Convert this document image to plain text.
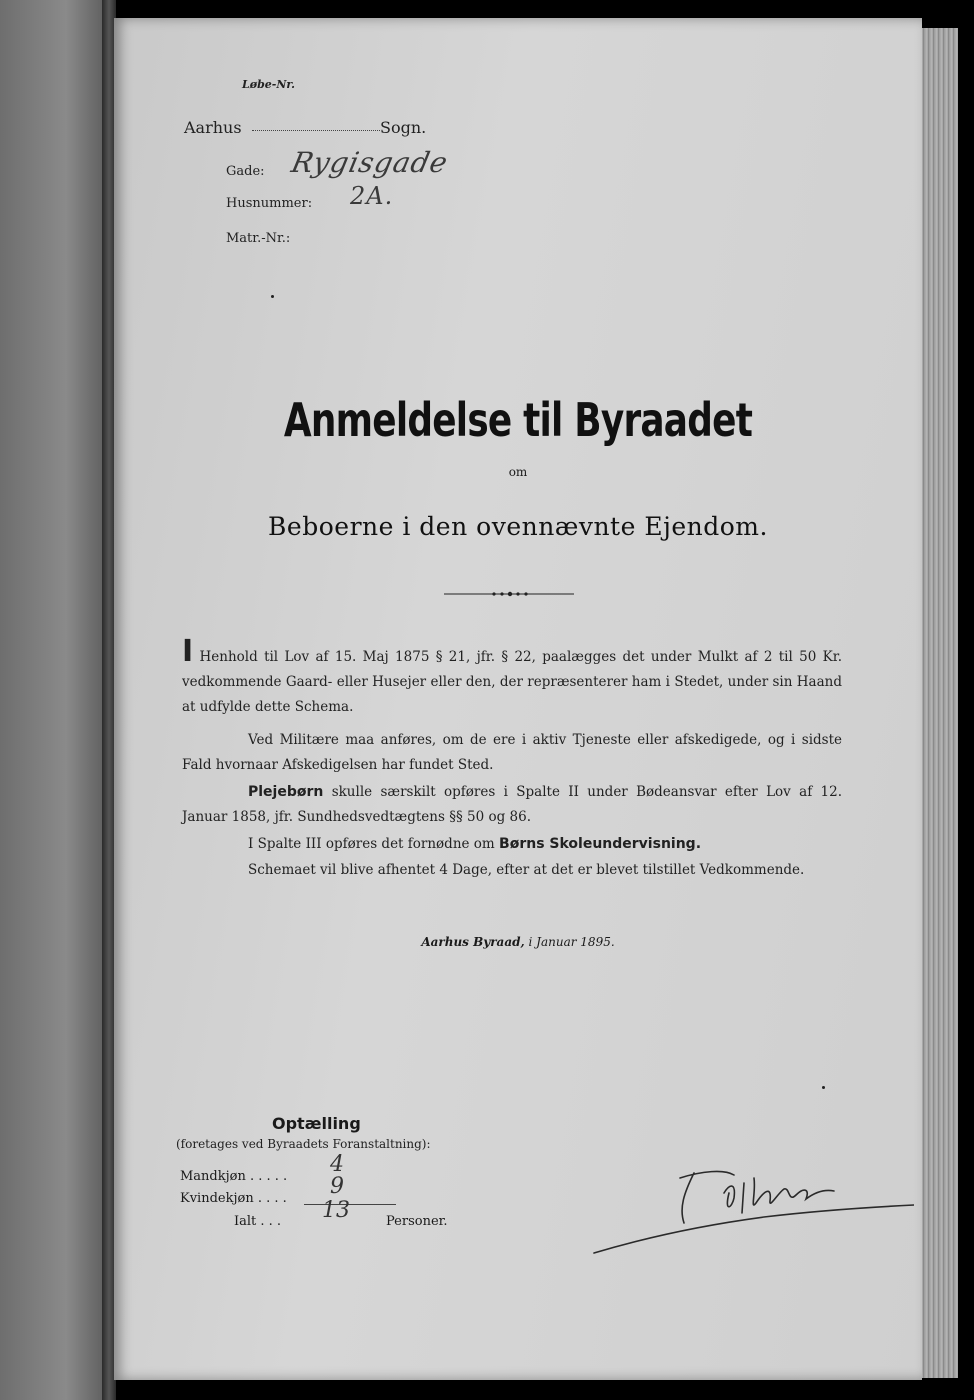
Løbe-Nr.
Aarhus	Sogn.
Gade: Rygisgade
Husnummer: 2A.
Matr.-Nr.:
Anmeldelse til Byraadet
om
Beboerne i den ovennævnte Ejendom.
I Henhold til Lov af 15. Maj 1875 § 21, jfr. § 22, paalægges det under Mulkt af 2 til 50 Kr. vedkommende Gaard- eller Husejer eller den, der repræsenterer ham i Stedet, under sin Haand at udfylde dette Schema.
Ved Militære maa anføres, om de ere i aktiv Tjeneste eller afskedigede, og i sidste Fald hvornaar Afskedigelsen har fundet Sted.
Plejebørn skulle særskilt opføres i Spalte II under Bødeansvar efter Lov af 12. Januar 1858, jfr. Sundhedsvedtægtens §§ 50 og 86.
I Spalte III opføres det fornødne om Børns Skoleundervisning.
Schemaet vil blive afhentet 4 Dage, efter at det er blevet tilstillet Vedkommende.
Aarhus Byraad, i Januar 1895.
Optælling
(foretages ved Byraadets Foranstaltning):
Mandkjøn . . . . . 4
Kvindekjøn . . . . 9
Ialt . . . 13	Personer.
